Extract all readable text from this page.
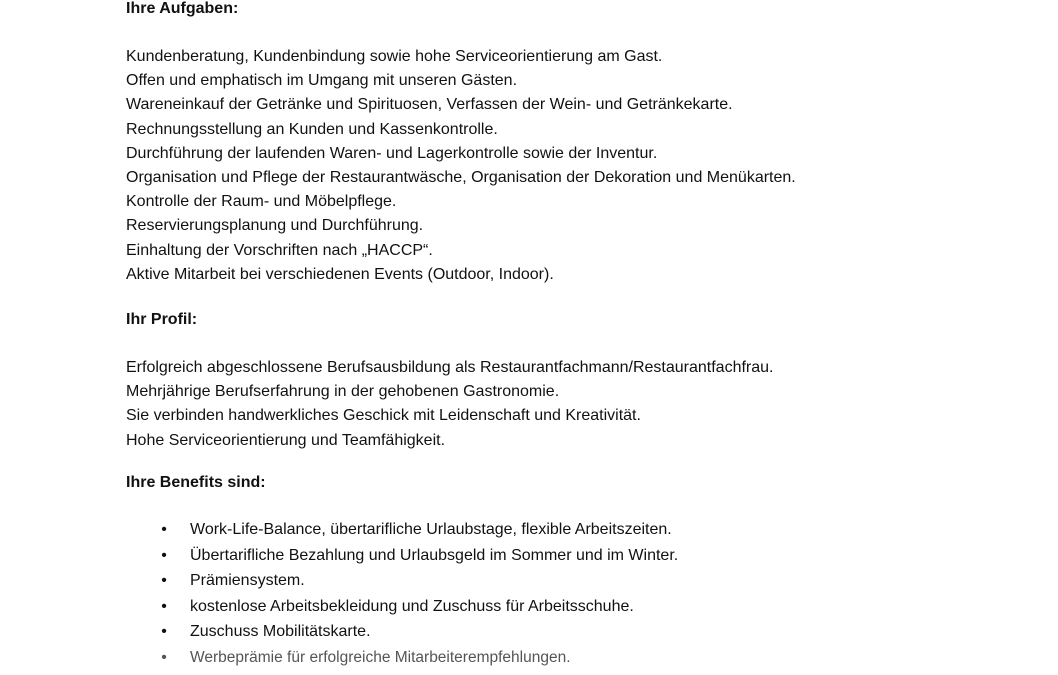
Ihre Aufgaben:
Kundenberatung, Kundenbindung sowie hohe Serviceorientierung am Gast.
Offen und emphatisch im Umgang mit unseren Gästen.
Wareneinkauf der Getränke und Spirituosen, Verfassen der Wein- und Getränkekarte.
Rechnungsstellung an Kunden und Kassenkontrolle.
Durchführung der laufenden Waren- und Lagerkontrolle sowie der Inventur.
Organisation und Pflege der Restaurantwäsche, Organisation der Dekoration und Menükarten.
Kontrolle der Raum- und Möbelpflege.
Reservierungsplanung und Durchführung.
Einhaltung der Vorschriften nach „HACCP“.
Aktive Mitarbeit bei verschiedenen Events (Outdoor, Indoor).
Ihr Profil:
Erfolgreich abgeschlossene Berufsausbildung als Restaurantfachmann/Restaurantfachfrau.
Mehrjährige Berufserfahrung in der gehobenen Gastronomie.
Sie verbinden handwerkliches Geschick mit Leidenschaft und Kreativität.
Hohe Serviceorientierung und Teamfähigkeit.
Ihre Benefits sind:
• Work-Life-Balance, übertarifliche Urlaubstage, flexible Arbeitszeiten.
• Übertarifliche Bezahlung und Urlaubsgeld im Sommer und im Winter.
• Prämiensystem.
• kostenlose Arbeitsbekleidung und Zuschuss für Arbeitsschuhe.
• Zuschuss Mobilitätskarte.
• Werbeprämie für erfolgreiche Mitarbeiterempfehlungen.
